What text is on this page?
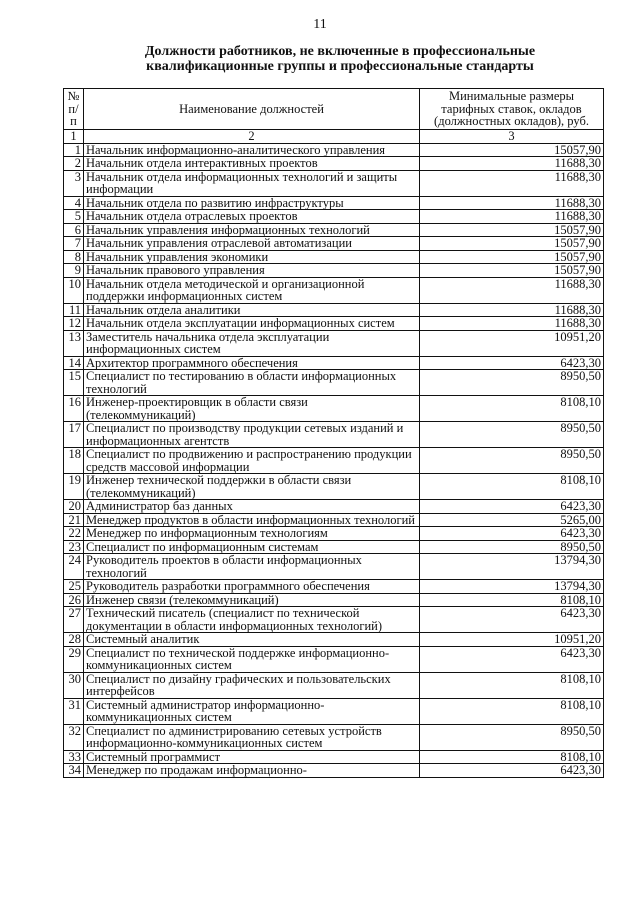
11
Должности работников, не включенные в профессиональные
квалификационные группы и профессиональные стандарты
№ п/п	Наименование должностей	Минимальные размеры тарифных ставок, окладов (должностных окладов), руб.
1	2	3
1	Начальник информационно-аналитического управления	15057,90
2	Начальник отдела интерактивных проектов	11688,30
3	Начальник отдела информационных технологий и защиты информации	11688,30
4	Начальник отдела по развитию инфраструктуры	11688,30
5	Начальник отдела отраслевых проектов	11688,30
6	Начальник управления информационных технологий	15057,90
7	Начальник управления отраслевой автоматизации	15057,90
8	Начальник управления экономики	15057,90
9	Начальник правового управления	15057,90
10	Начальник отдела методической и организационной поддержки информационных систем	11688,30
11	Начальник отдела аналитики	11688,30
12	Начальник отдела эксплуатации информационных систем	11688,30
13	Заместитель начальника отдела эксплуатации информационных систем	10951,20
14	Архитектор программного обеспечения	6423,30
15	Специалист по тестированию в области информационных технологий	8950,50
16	Инженер-проектировщик в области связи (телекоммуникаций)	8108,10
17	Специалист по производству продукции сетевых изданий и информационных агентств	8950,50
18	Специалист по продвижению и распространению продукции средств массовой информации	8950,50
19	Инженер технической поддержки в области связи (телекоммуникаций)	8108,10
20	Администратор баз данных	6423,30
21	Менеджер продуктов в области информационных технологий	5265,00
22	Менеджер по информационным технологиям	6423,30
23	Специалист по информационным системам	8950,50
24	Руководитель проектов в области информационных технологий	13794,30
25	Руководитель разработки программного обеспечения	13794,30
26	Инженер связи (телекоммуникаций)	8108,10
27	Технический писатель (специалист по технической документации в области информационных технологий)	6423,30
28	Системный аналитик	10951,20
29	Специалист по технической поддержке информационно-коммуникационных систем	6423,30
30	Специалист по дизайну графических и пользовательских интерфейсов	8108,10
31	Системный администратор информационно-коммуникационных систем	8108,10
32	Специалист по администрированию сетевых устройств информационно-коммуникационных систем	8950,50
33	Системный программист	8108,10
34	Менеджер по продажам информационно-	6423,30
